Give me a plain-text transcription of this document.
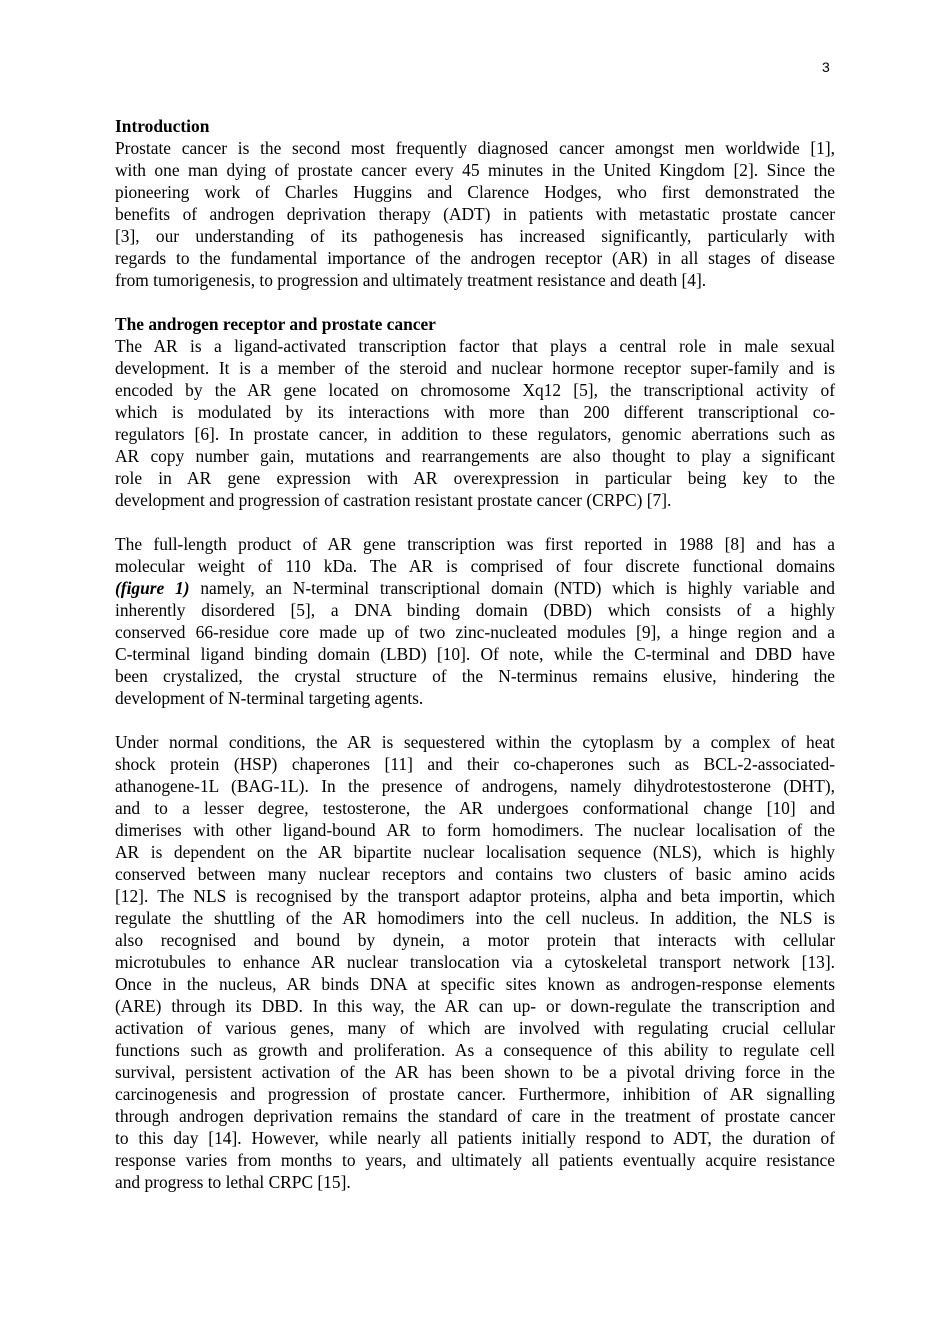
3
Introduction
Prostate cancer is the second most frequently diagnosed cancer amongst men worldwide [1],
with one man dying of prostate cancer every 45 minutes in the United Kingdom [2]. Since the
pioneering work of Charles Huggins and Clarence Hodges, who first demonstrated the
benefits of androgen deprivation therapy (ADT) in patients with metastatic prostate cancer
[3], our understanding of its pathogenesis has increased significantly, particularly with
regards to the fundamental importance of the androgen receptor (AR) in all stages of disease
from tumorigenesis, to progression and ultimately treatment resistance and death [4].
The androgen receptor and prostate cancer
The AR is a ligand-activated transcription factor that plays a central role in male sexual
development. It is a member of the steroid and nuclear hormone receptor super-family and is
encoded by the AR gene located on chromosome Xq12 [5], the transcriptional activity of
which is modulated by its interactions with more than 200 different transcriptional co-
regulators [6]. In prostate cancer, in addition to these regulators, genomic aberrations such as
AR copy number gain, mutations and rearrangements are also thought to play a significant
role in AR gene expression with AR overexpression in particular being key to the
development and progression of castration resistant prostate cancer (CRPC) [7].
The full-length product of AR gene transcription was first reported in 1988 [8] and has a
molecular weight of 110 kDa. The AR is comprised of four discrete functional domains
(figure 1) namely, an N-terminal transcriptional domain (NTD) which is highly variable and
inherently disordered [5], a DNA binding domain (DBD) which consists of a highly
conserved 66-residue core made up of two zinc-nucleated modules [9], a hinge region and a
C-terminal ligand binding domain (LBD) [10]. Of note, while the C-terminal and DBD have
been crystalized, the crystal structure of the N-terminus remains elusive, hindering the
development of N-terminal targeting agents.
Under normal conditions, the AR is sequestered within the cytoplasm by a complex of heat
shock protein (HSP) chaperones [11] and their co-chaperones such as BCL-2-associated-
athanogene-1L (BAG-1L). In the presence of androgens, namely dihydrotestosterone (DHT),
and to a lesser degree, testosterone, the AR undergoes conformational change [10] and
dimerises with other ligand-bound AR to form homodimers. The nuclear localisation of the
AR is dependent on the AR bipartite nuclear localisation sequence (NLS), which is highly
conserved between many nuclear receptors and contains two clusters of basic amino acids
[12]. The NLS is recognised by the transport adaptor proteins, alpha and beta importin, which
regulate the shuttling of the AR homodimers into the cell nucleus. In addition, the NLS is
also recognised and bound by dynein, a motor protein that interacts with cellular
microtubules to enhance AR nuclear translocation via a cytoskeletal transport network [13].
Once in the nucleus, AR binds DNA at specific sites known as androgen-response elements
(ARE) through its DBD. In this way, the AR can up- or down-regulate the transcription and
activation of various genes, many of which are involved with regulating crucial cellular
functions such as growth and proliferation. As a consequence of this ability to regulate cell
survival, persistent activation of the AR has been shown to be a pivotal driving force in the
carcinogenesis and progression of prostate cancer. Furthermore, inhibition of AR signalling
through androgen deprivation remains the standard of care in the treatment of prostate cancer
to this day [14]. However, while nearly all patients initially respond to ADT, the duration of
response varies from months to years, and ultimately all patients eventually acquire resistance
and progress to lethal CRPC [15].
